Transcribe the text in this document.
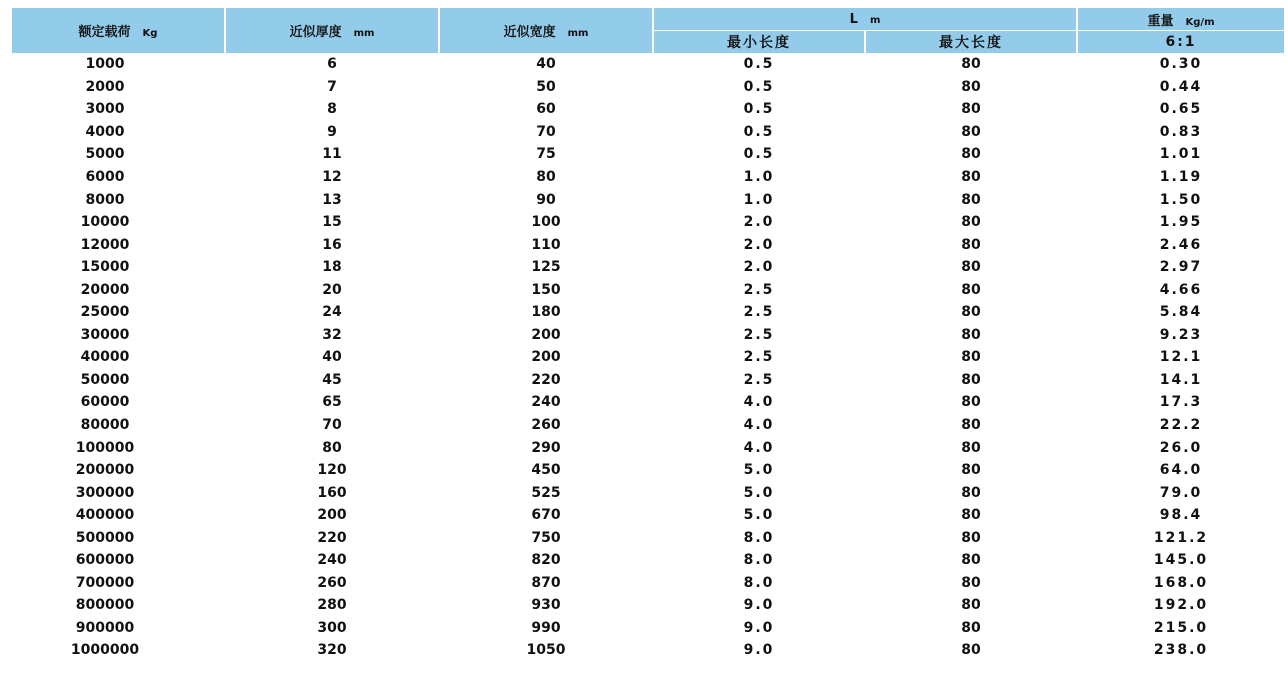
额定载荷 Kg	近似厚度 mm	近似宽度 mm	L m		重量 Kg/m
			最小长度	最大长度	6:1
1000	6	40	0.5	80	0.30
2000	7	50	0.5	80	0.44
3000	8	60	0.5	80	0.65
4000	9	70	0.5	80	0.83
5000	11	75	0.5	80	1.01
6000	12	80	1.0	80	1.19
8000	13	90	1.0	80	1.50
10000	15	100	2.0	80	1.95
12000	16	110	2.0	80	2.46
15000	18	125	2.0	80	2.97
20000	20	150	2.5	80	4.66
25000	24	180	2.5	80	5.84
30000	32	200	2.5	80	9.23
40000	40	200	2.5	80	12.1
50000	45	220	2.5	80	14.1
60000	65	240	4.0	80	17.3
80000	70	260	4.0	80	22.2
100000	80	290	4.0	80	26.0
200000	120	450	5.0	80	64.0
300000	160	525	5.0	80	79.0
400000	200	670	5.0	80	98.4
500000	220	750	8.0	80	121.2
600000	240	820	8.0	80	145.0
700000	260	870	8.0	80	168.0
800000	280	930	9.0	80	192.0
900000	300	990	9.0	80	215.0
1000000	320	1050	9.0	80	238.0
